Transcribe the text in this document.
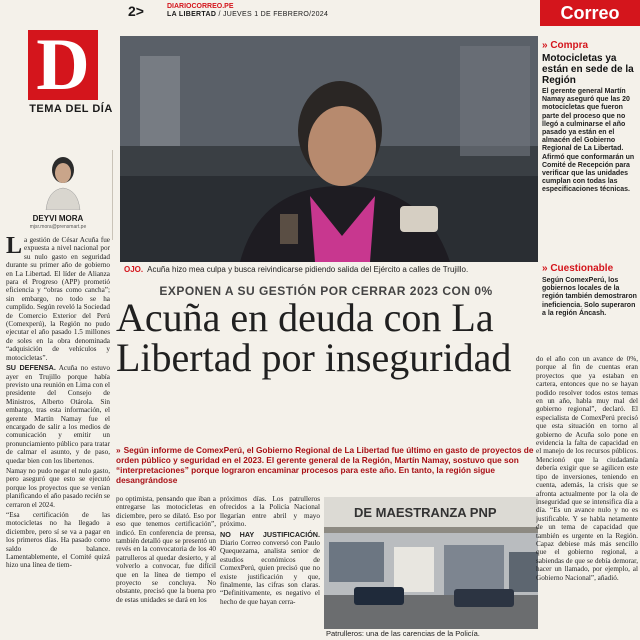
2>	DIARIOCORREO.PE
LA LIBERTAD / JUEVES 1 DE FEBRERO/2024	Correo
D
TEMA DEL DÍA
DEYVI MORA
mjsr.mora@prensmart.pe
OJO. Acuña hizo mea culpa y busca reivindicarse pidiendo salida del Ejército a calles de Trujillo.
EXPONEN A SU GESTIÓN POR CERRAR 2023 CON 0%
Acuña en deuda con La Libertad por inseguridad
» Según informe de ComexPerú, el Gobierno Regional de La Libertad fue último en gasto de proyectos de orden público y seguridad en el 2023. El gerente general de la Región, Martín Namay, sostuvo que son “interpretaciones” porque lograron encaminar procesos para este año. En tanto, la región sigue desangrándose

La gestión de César Acuña fue expuesta a nivel nacional por su nulo gasto en seguridad durante su primer año de gobierno en La Libertad. El líder de Alianza para el Progreso (APP) prometió eficiencia y “obras como cancha”; sin embargo, no todo se ha cumplido. Según reveló la Sociedad de Comercio Exterior del Perú (Comexperú), la Región no pudo ejecutar el año pasado 1.5 millones de soles en la obra denominada “adquisición de vehículos y motocicletas”.

SU DEFENSA. Acuña no estuvo ayer en Trujillo porque había previsto una reunión en Lima con el presidente del Consejo de Ministros, Alberto Otárola. Sin embargo, tras esta información, el gerente Martín Namay fue el encargado de salir a los medios de comunicación y emitir un pronunciamiento público para tratar de calmar el asunto, y de paso, quedar bien con los libertenos.

Namay no pudo negar el nulo gasto, pero aseguró que esto se ejecutó porque los proyectos que se venían planificando el año pasado recién se cerraron el 2024.

“Esa certificación de las motocicletas no ha llegado a diciembre, pero sí se va a pagar en los primeros días. Ha pasado como saldo de balance. Lamentablemente, el Comité quizá hizo una línea de tiem-

po optimista, pensando que iban a entregarse las motocicletas en diciembre, pero se dilató. Eso por eso que tenemos certificación”, indicó. En conferencia de prensa, también detalló que se presentó un revés en la convocatoria de los 40 patrulleros al quedar desierto, y al volverlo a convocar, fue difícil que en la línea de tiempo el proyecto se concluya. No obstante, precisó que la buena pro de estas unidades se dará en los

próximos días. Los patrulleros ofrecidos a la Policía Nacional llegarían entre abril y mayo próximo.

NO HAY JUSTIFICACIÓN. Diario Correo conversó con Paulo Quequezama, analista senior de estudios económicos de ComexPerú, quien precisó que no existe justificación y que, finalmente, las cifras son claras. “Definitivamente, es negativo el hecho de que hayan cerra-

DE MAESTRANZA PNP
Patrulleros: una de las carencias de la Policía.
» Compra
Motocicletas ya están en sede de la Región
El gerente general Martín Namay aseguró que las 20 motocicletas que fueron parte del proceso que no llegó a culminarse el año pasado ya están en el almacén del Gobierno Regional de La Libertad. Afirmó que conformarán un Comité de Recepción para verificar que las unidades cumplan con todas las especificaciones técnicas.
» Cuestionable
Según ComexPerú, los gobiernos locales de la región también demostraron ineficiencia. Solo superaron a la región Áncash.

do el año con un avance de 0%, porque al fin de cuentas eran proyectos que ya estaban en cartera, entonces que no se hayan podido resolver todos estos temas en un año, habla muy mal del gobierno regional”, declaró. El especialista de ComexPerú precisó que esta situación en torno al gobierno de Acuña solo pone en evidencia la falta de capacidad en el manejo de los recursos públicos. Mencionó que la ciudadanía debería exigir que se agilicen este tipo de inversiones, teniendo en cuenta, además, la crisis que se afronta actualmente por la ola de inseguridad que se intensifica día a día. “Es un avance nulo y no es justificable. Y se habla netamente de un tema de capacidad que también es urgente en la Región. Capaz debiese más más sencillo que el gobierno regional, a sabiendas de que se debía demorar, hacer un llamado, por ejemplo, al Gobierno Nacional”, añadió.
